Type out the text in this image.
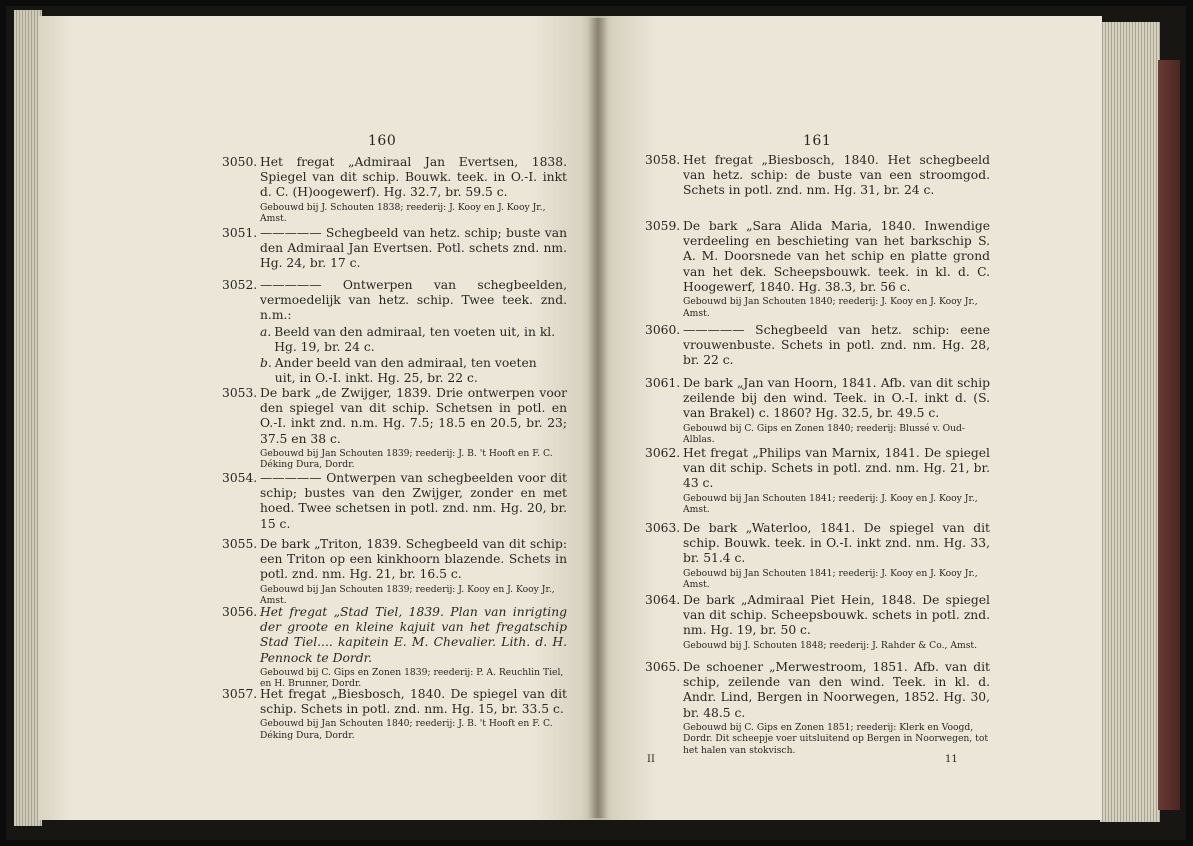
160	161
3050. Het fregat „Admiraal Jan Evertsen, 1838. Spiegel van dit schip. Bouwk. teek. in O.-I. inkt d. C. (H)oogewerf). Hg. 32.7, br. 59.5 c.

Gebouwd bij J. Schouten 1838; reederij: J. Kooy en J. Kooy Jr., Amst.

3051. ————— Schegbeeld van hetz. schip; buste van den Admiraal Jan Evertsen. Potl. schets znd. nm. Hg. 24, br. 17 c.

3052. ————— Ontwerpen van schegbeelden, vermoedelijk van hetz. schip. Twee teek. znd. n.m.:

a. Beeld van den admiraal, ten voeten uit, in kl. Hg. 19, br. 24 c.

b. Ander beeld van den admiraal, ten voeten uit, in O.-I. inkt. Hg. 25, br. 22 c.

3053. De bark „de Zwijger, 1839. Drie ontwerpen voor den spiegel van dit schip. Schetsen in potl. en O.-I. inkt znd. n.m. Hg. 7.5; 18.5 en 20.5, br. 23; 37.5 en 38 c.

Gebouwd bij Jan Schouten 1839; reederij: J. B. 't Hooft en F. C. Déking Dura, Dordr.

3054. ————— Ontwerpen van schegbeelden voor dit schip; bustes van den Zwijger, zonder en met hoed. Twee schetsen in potl. znd. nm. Hg. 20, br. 15 c.

3055. De bark „Triton, 1839. Schegbeeld van dit schip: een Triton op een kinkhoorn blazende. Schets in potl. znd. nm. Hg. 21, br. 16.5 c.

Gebouwd bij Jan Schouten 1839; reederij: J. Kooy en J. Kooy Jr., Amst.

3056. Het fregat „Stad Tiel, 1839. Plan van inrigting der groote en kleine kajuit van het fregatschip Stad Tiel.... kapitein E. M. Chevalier. Lith. d. H. Pennock te Dordr.

Gebouwd bij C. Gips en Zonen 1839; reederij: P. A. Reuchlin Tiel, en H. Brunner, Dordr.

3057. Het fregat „Biesbosch, 1840. De spiegel van dit schip. Schets in potl. znd. nm. Hg. 15, br. 33.5 c.

Gebouwd bij Jan Schouten 1840; reederij: J. B. 't Hooft en F. C. Déking Dura, Dordr.

3058. Het fregat „Biesbosch, 1840. Het schegbeeld van hetz. schip: de buste van een stroomgod. Schets in potl. znd. nm. Hg. 31, br. 24 c.

3059. De bark „Sara Alida Maria, 1840. Inwendige verdeeling en beschieting van het barkschip S. A. M. Doorsnede van het schip en platte grond van het dek. Scheepsbouwk. teek. in kl. d. C. Hoogewerf, 1840. Hg. 38.3, br. 56 c.

Gebouwd bij Jan Schouten 1840; reederij: J. Kooy en J. Kooy Jr., Amst.

3060. ————— Schegbeeld van hetz. schip: eene vrouwenbuste. Schets in potl. znd. nm. Hg. 28, br. 22 c.

3061. De bark „Jan van Hoorn, 1841. Afb. van dit schip zeilende bij den wind. Teek. in O.-I. inkt d. (S. van Brakel) c. 1860? Hg. 32.5, br. 49.5 c.

Gebouwd bij C. Gips en Zonen 1840; reederij: Blussé v. Oud-Alblas.

3062. Het fregat „Philips van Marnix, 1841. De spiegel van dit schip. Schets in potl. znd. nm. Hg. 21, br. 43 c.

Gebouwd bij Jan Schouten 1841; reederij: J. Kooy en J. Kooy Jr., Amst.

3063. De bark „Waterloo, 1841. De spiegel van dit schip. Bouwk. teek. in O.-I. inkt znd. nm. Hg. 33, br. 51.4 c.

Gebouwd bij Jan Schouten 1841; reederij: J. Kooy en J. Kooy Jr., Amst.

3064. De bark „Admiraal Piet Hein, 1848. De spiegel van dit schip. Scheepsbouwk. schets in potl. znd. nm. Hg. 19, br. 50 c.

Gebouwd bij J. Schouten 1848; reederij: J. Rahder & Co., Amst.

3065. De schoener „Merwestroom, 1851. Afb. van dit schip, zeilende van den wind. Teek. in kl. d. Andr. Lind, Bergen in Noorwegen, 1852. Hg. 30, br. 48.5 c.

Gebouwd bij C. Gips en Zonen 1851; reederij: Klerk en Voogd, Dordr. Dit scheepje voer uitsluitend op Bergen in Noorwegen, tot het halen van stokvisch.

II	11
